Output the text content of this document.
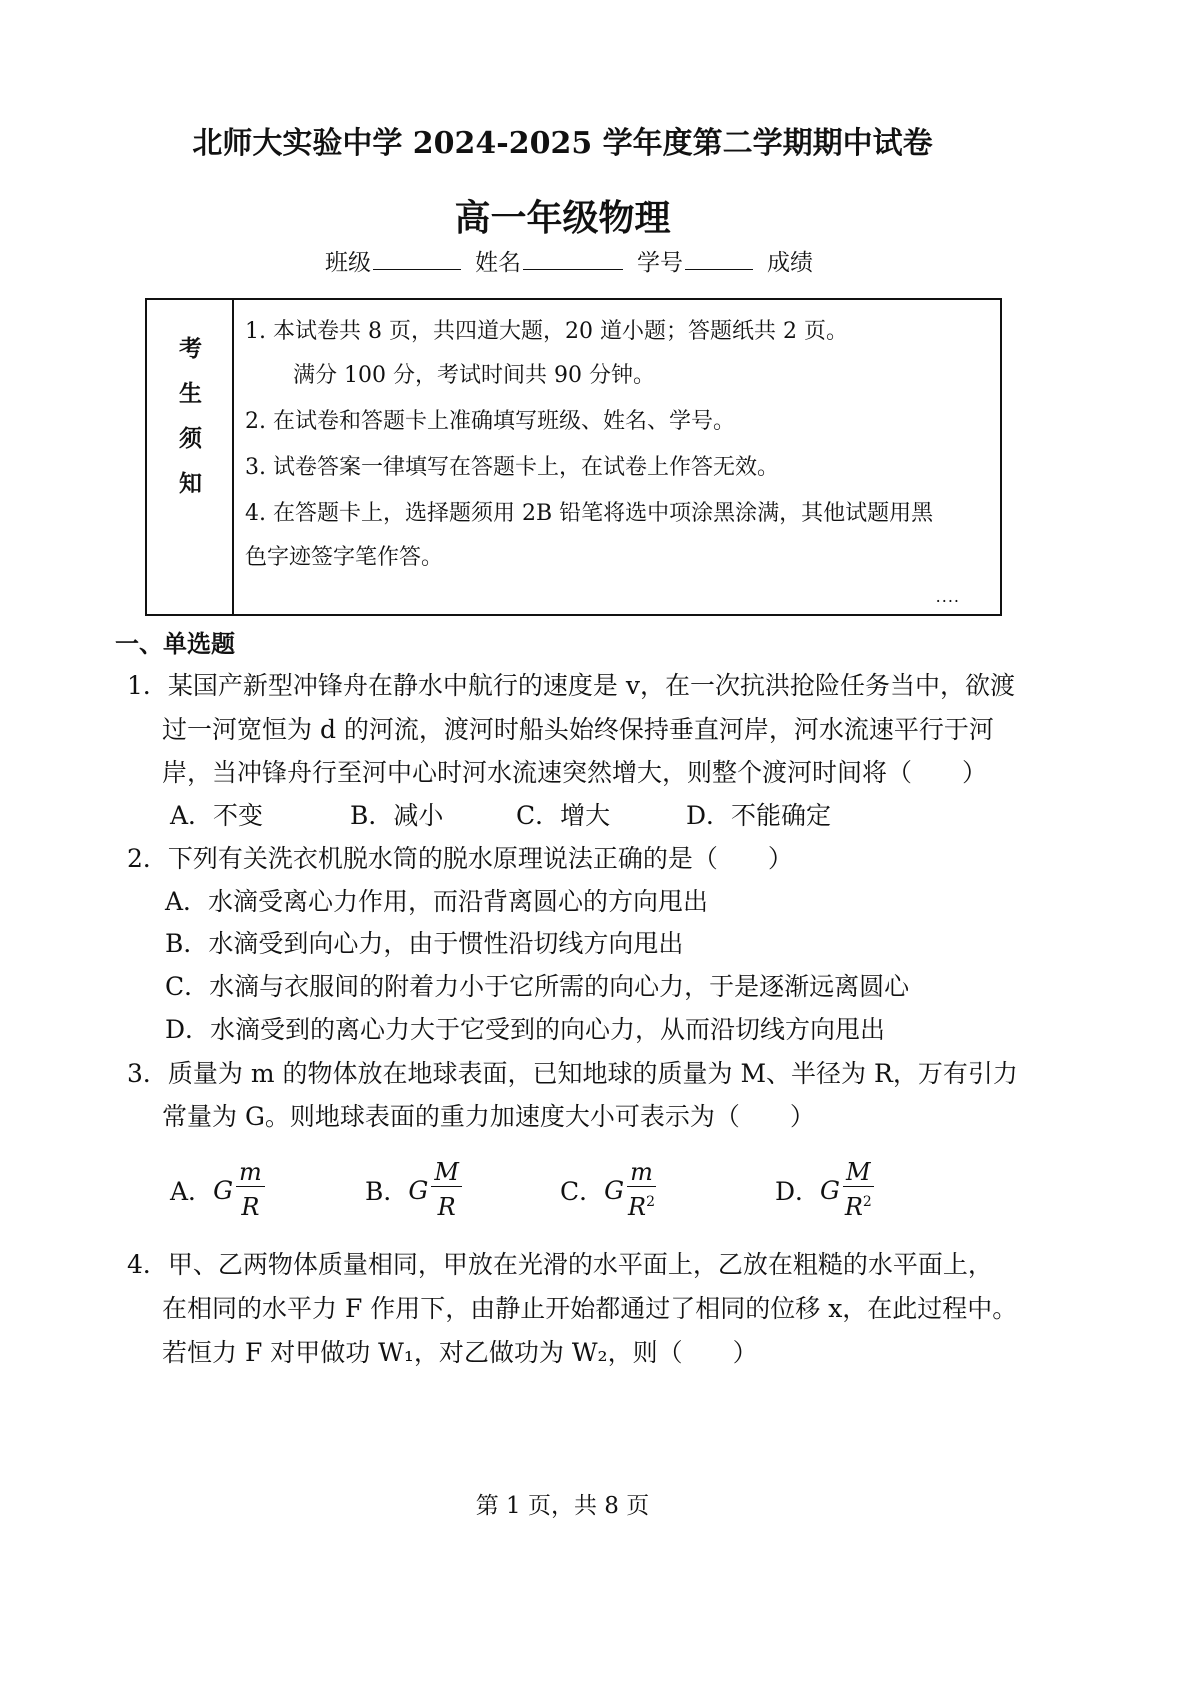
北师大实验中学 2024-2025 学年度第二学期期中试卷
高一年级物理
班级	姓名	学号	成绩
考
生
须
知
1. 本试卷共 8 页，共四道大题，20 道小题；答题纸共 2 页。
满分 100 分，考试时间共 90 分钟。
2. 在试卷和答题卡上准确填写班级、姓名、学号。
3. 试卷答案一律填写在答题卡上，在试卷上作答无效。
4. 在答题卡上，选择题须用 2B 铅笔将选中项涂黑涂满，其他试题用黑
色字迹签字笔作答。
....
一、单选题
1．某国产新型冲锋舟在静水中航行的速度是 v，在一次抗洪抢险任务当中，欲渡
过一河宽恒为 d 的河流，渡河时船头始终保持垂直河岸，河水流速平行于河
岸，当冲锋舟行至河中心时河水流速突然增大，则整个渡河时间将（　　）
A．不变	B．减小	C．增大	D．不能确定
2．下列有关洗衣机脱水筒的脱水原理说法正确的是（　　）
A．水滴受离心力作用，而沿背离圆心的方向甩出
B．水滴受到向心力，由于惯性沿切线方向甩出
C．水滴与衣服间的附着力小于它所需的向心力，于是逐渐远离圆心
D．水滴受到的离心力大于它受到的向心力，从而沿切线方向甩出
3．质量为 m 的物体放在地球表面，已知地球的质量为 M、半径为 R，万有引力
常量为 G。则地球表面的重力加速度大小可表示为（　　）
A． G $\frac{m}{R}$	B． G $\frac{M}{R}$	C． G $\frac{m}{R^2}$	D． G $\frac{M}{R^2}$
4．甲、乙两物体质量相同，甲放在光滑的水平面上，乙放在粗糙的水平面上，
在相同的水平力 F 作用下，由静止开始都通过了相同的位移 x，在此过程中。
若恒力 F 对甲做功 W₁，对乙做功为 W₂，则（　　）
第 1 页，共 8 页
